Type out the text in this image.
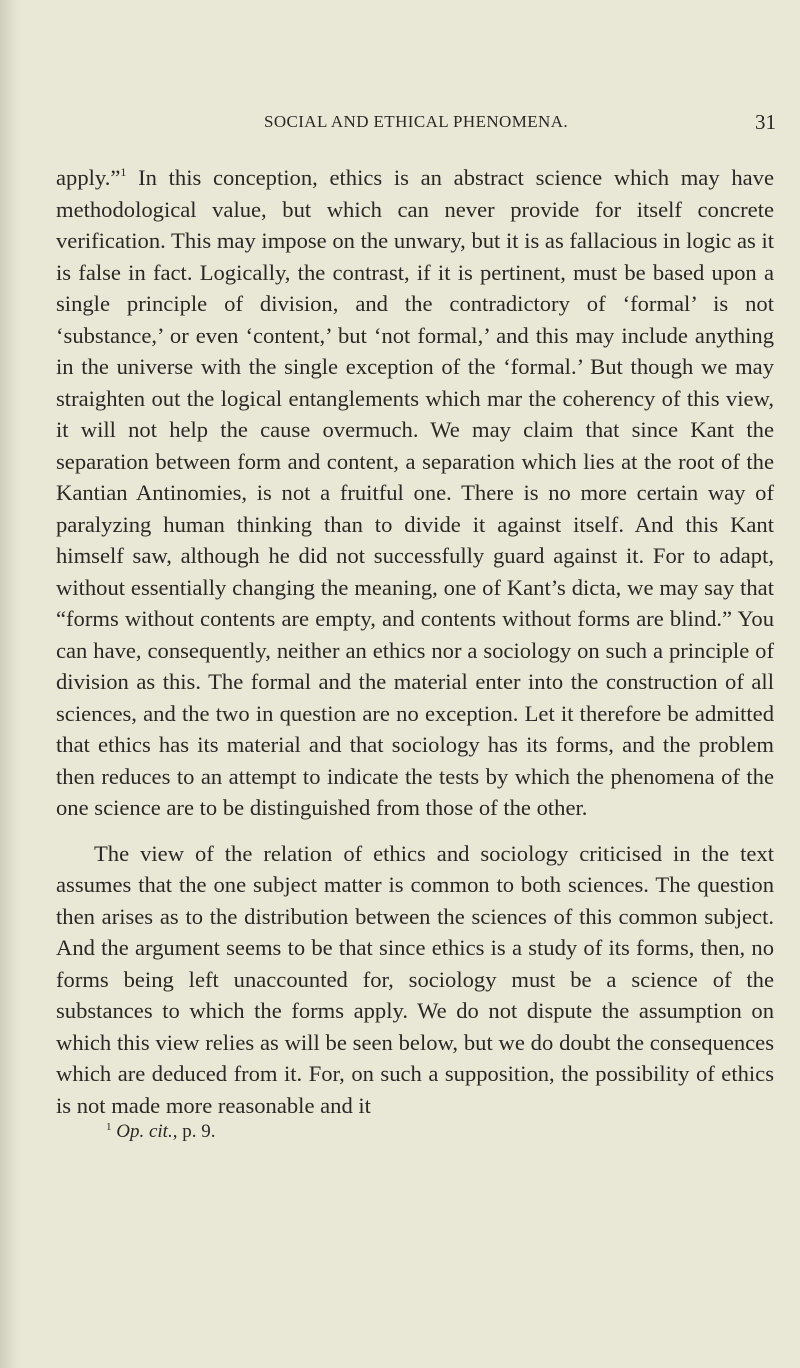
SOCIAL AND ETHICAL PHENOMENA.	31

apply.”$^1$ In this conception, ethics is an abstract science which may have methodological value, but which can never provide for itself concrete verification. This may impose on the unwary, but it is as fallacious in logic as it is false in fact. Logically, the contrast, if it is pertinent, must be based upon a single principle of division, and the contradictory of ‘formal’ is not ‘substance,’ or even ‘content,’ but ‘not formal,’ and this may include anything in the universe with the single exception of the ‘formal.’ But though we may straighten out the logical entanglements which mar the coherency of this view, it will not help the cause overmuch. We may claim that since Kant the separation between form and content, a separation which lies at the root of the Kantian Antinomies, is not a fruitful one. There is no more certain way of paralyzing human thinking than to divide it against itself. And this Kant himself saw, although he did not successfully guard against it. For to adapt, without essentially changing the meaning, one of Kant’s dicta, we may say that “forms without contents are empty, and contents without forms are blind.” You can have, consequently, neither an ethics nor a sociology on such a principle of division as this. The formal and the material enter into the construction of all sciences, and the two in question are no exception. Let it therefore be admitted that ethics has its material and that sociology has its forms, and the problem then reduces to an attempt to indicate the tests by which the phenomena of the one science are to be distinguished from those of the other.

The view of the relation of ethics and sociology criticised in the text assumes that the one subject matter is common to both sciences. The question then arises as to the distribution between the sciences of this common subject. And the argument seems to be that since ethics is a study of its forms, then, no forms being left unaccounted for, sociology must be a science of the substances to which the forms apply. We do not dispute the assumption on which this view relies as will be seen below, but we do doubt the consequences which are deduced from it. For, on such a supposition, the possibility of ethics is not made more reasonable and it

$^1$ Op. cit., p. 9.
